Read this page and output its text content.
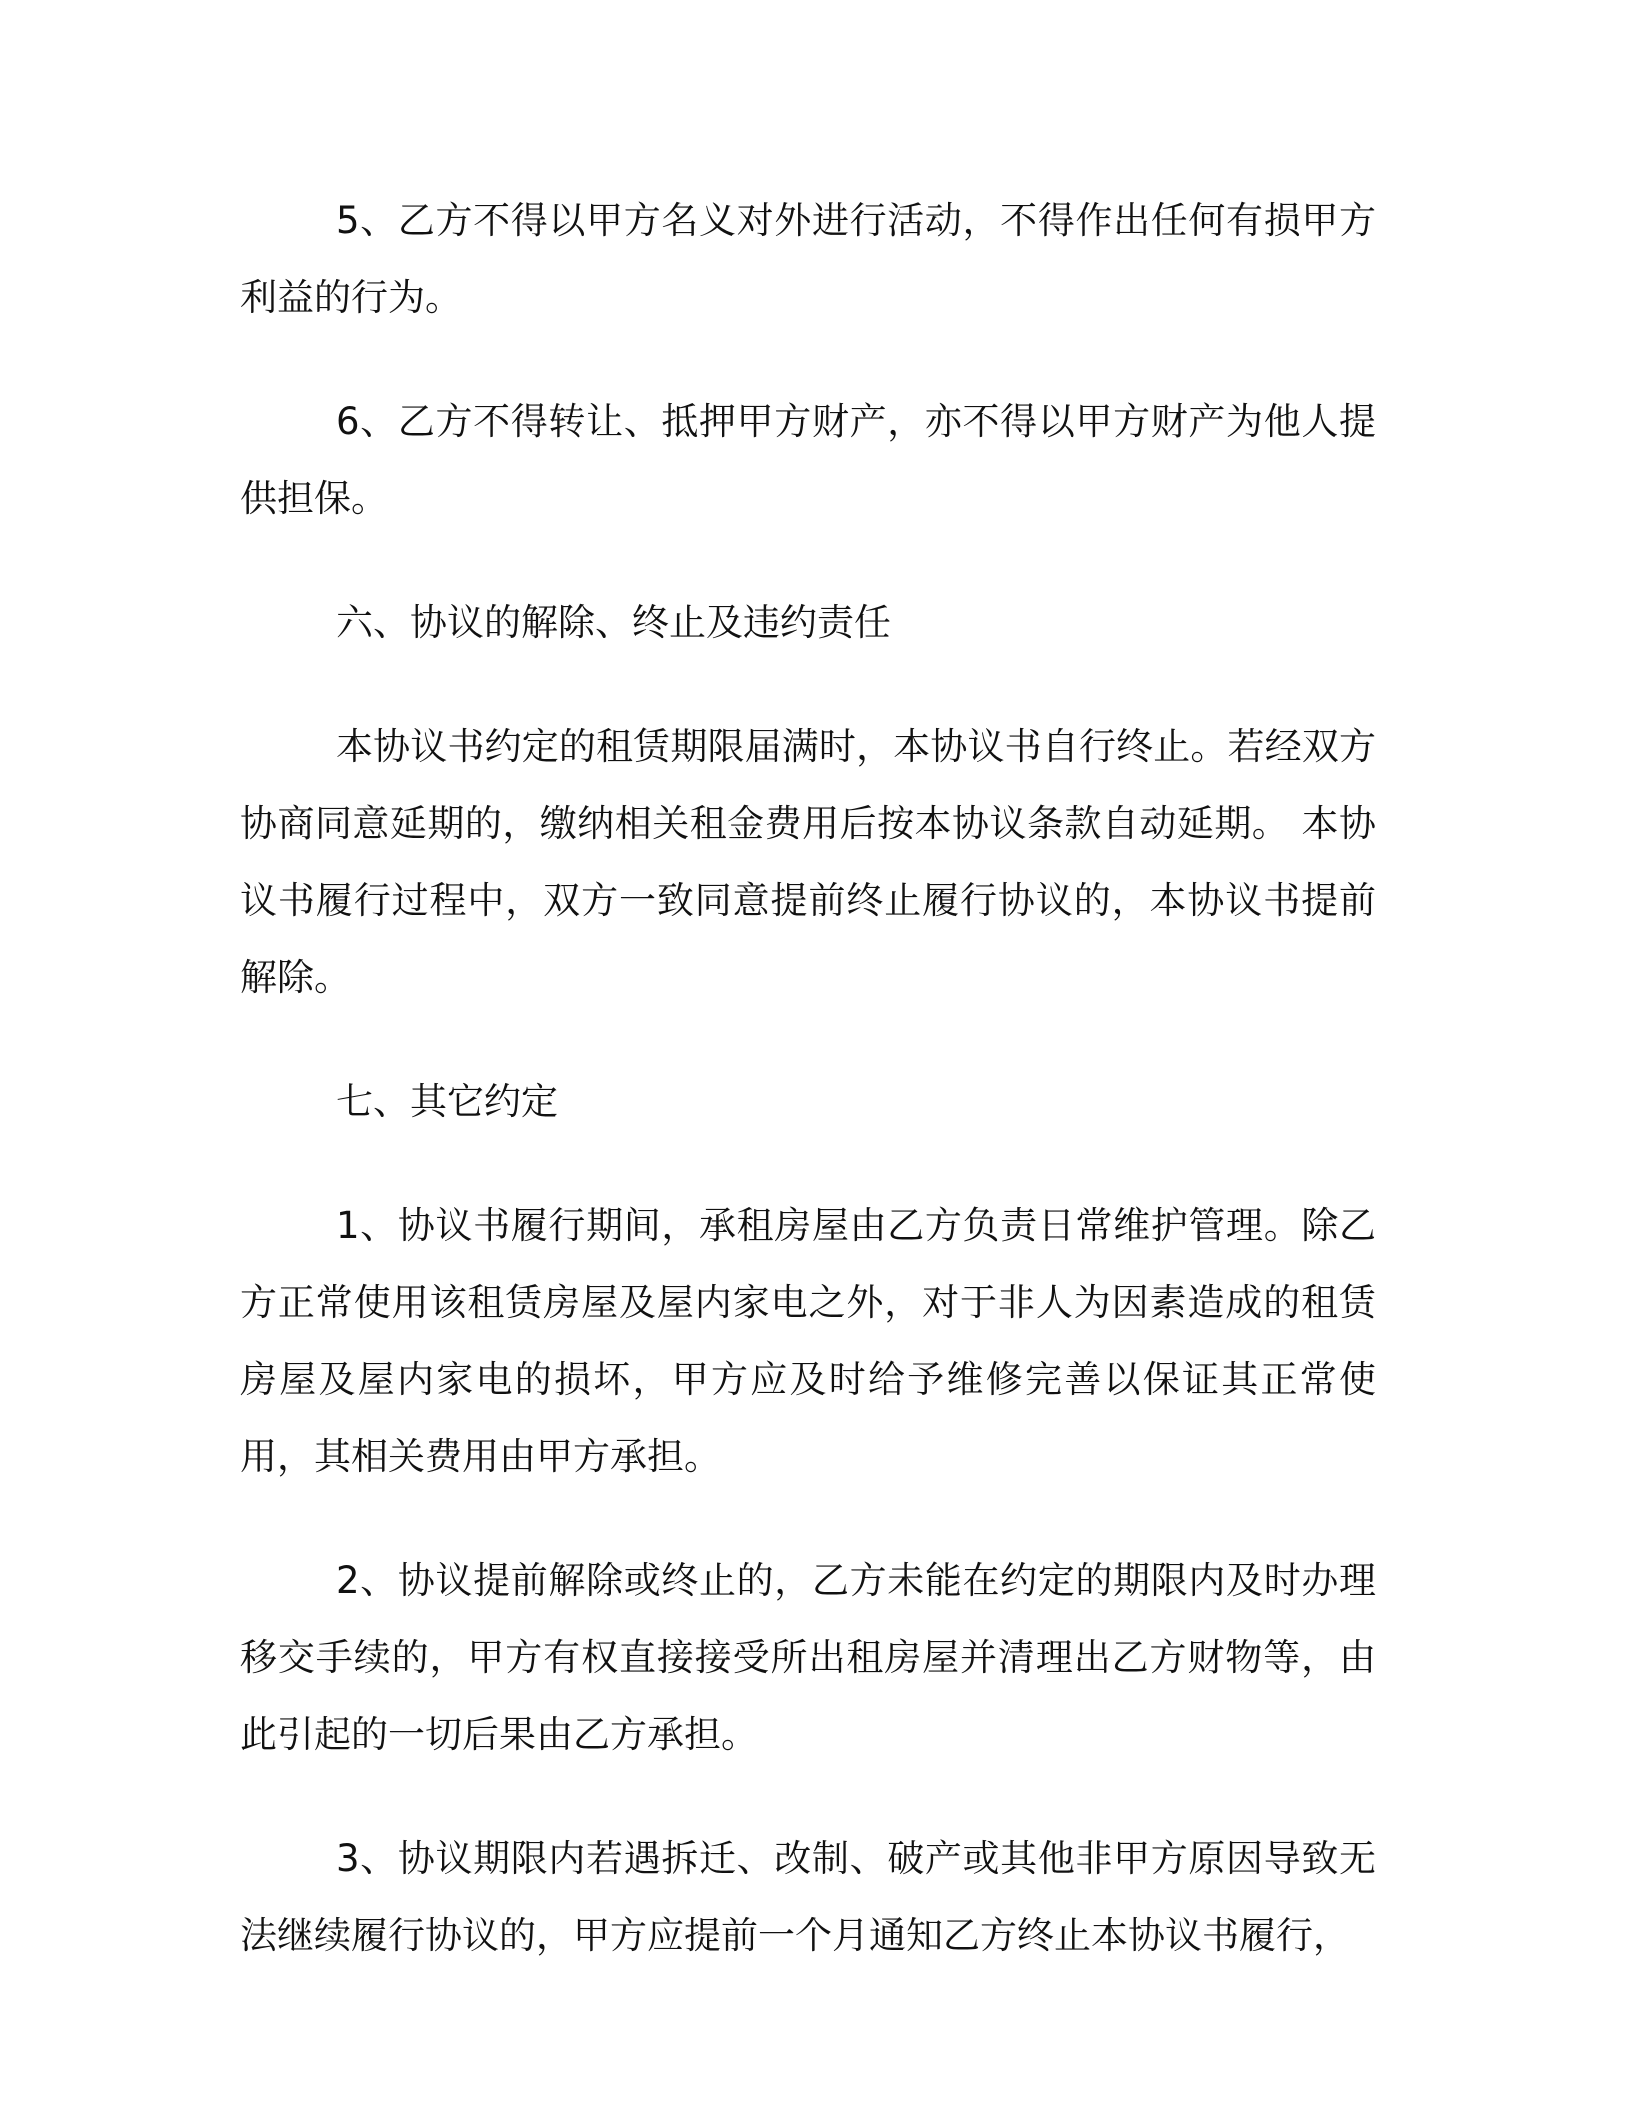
5、乙方不得以甲方名义对外进行活动，不得作出任何有损甲方利益的行为。

6、乙方不得转让、抵押甲方财产，亦不得以甲方财产为他人提供担保。

六、协议的解除、终止及违约责任

本协议书约定的租赁期限届满时，本协议书自行终止。若经双方协商同意延期的，缴纳相关租金费用后按本协议条款自动延期。 本协议书履行过程中，双方一致同意提前终止履行协议的，本协议书提前解除。

七、其它约定

1、协议书履行期间，承租房屋由乙方负责日常维护管理。除乙方正常使用该租赁房屋及屋内家电之外，对于非人为因素造成的租赁房屋及屋内家电的损坏，甲方应及时给予维修完善以保证其正常使用，其相关费用由甲方承担。

2、协议提前解除或终止的，乙方未能在约定的期限内及时办理移交手续的，甲方有权直接接受所出租房屋并清理出乙方财物等，由此引起的一切后果由乙方承担。

3、协议期限内若遇拆迁、改制、破产或其他非甲方原因导致无法继续履行协议的，甲方应提前一个月通知乙方终止本协议书履行，
